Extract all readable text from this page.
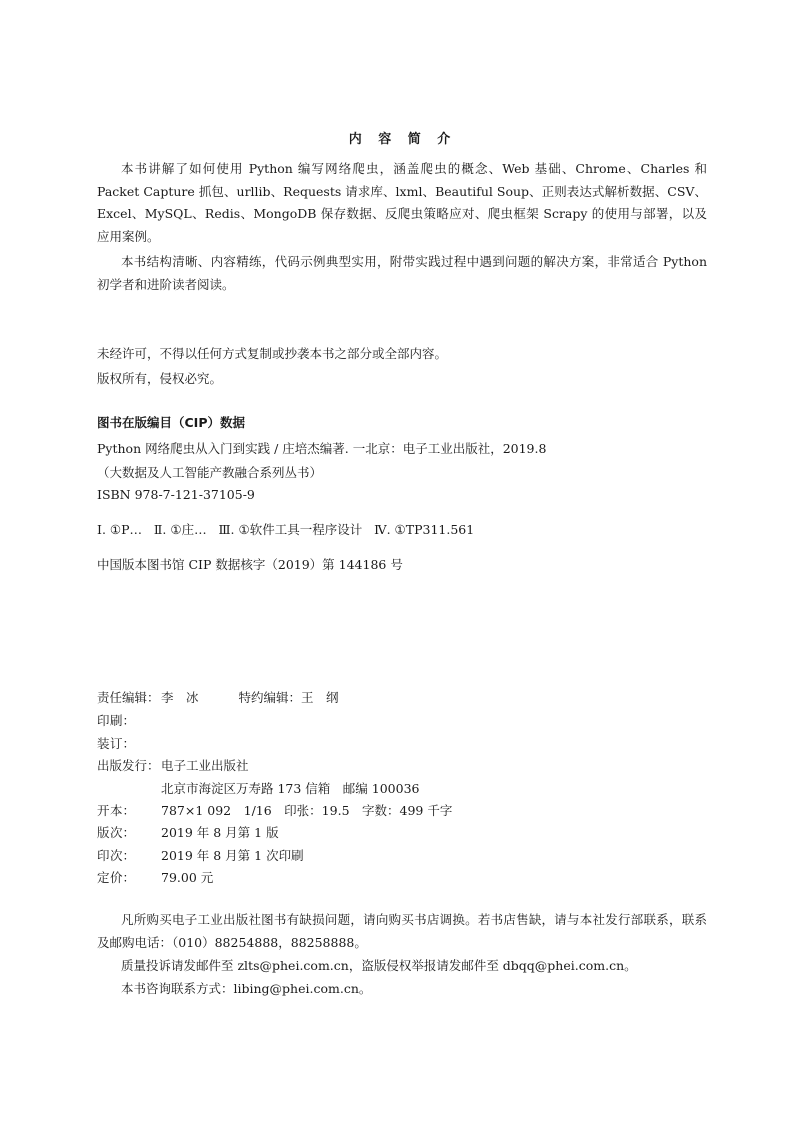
内 容 简 介

本书讲解了如何使用 Python 编写网络爬虫，涵盖爬虫的概念、Web 基础、Chrome、Charles 和 Packet Capture 抓包、urllib、Requests 请求库、lxml、Beautiful Soup、正则表达式解析数据、CSV、Excel、MySQL、Redis、MongoDB 保存数据、反爬虫策略应对、爬虫框架 Scrapy 的使用与部署，以及应用案例。

本书结构清晰、内容精练，代码示例典型实用，附带实践过程中遇到问题的解决方案，非常适合 Python 初学者和进阶读者阅读。

未经许可，不得以任何方式复制或抄袭本书之部分或全部内容。

版权所有，侵权必究。

图书在版编目（CIP）数据

Python 网络爬虫从入门到实践 / 庄培杰编著. 一北京：电子工业出版社，2019.8

（大数据及人工智能产教融合系列丛书）

ISBN 978-7-121-37105-9

Ⅰ. ①P…   Ⅱ. ①庄…   Ⅲ. ①软件工具一程序设计   Ⅳ. ①TP311.561

中国版本图书馆 CIP 数据核字（2019）第 144186 号

责任编辑： 李　冰	特约编辑： 王　纲
印 刷：
装 订：
出版发行： 电子工业出版社
北京市海淀区万寿路 173 信箱　邮编 100036
开 本： 787×1 092　1/16　印张：19.5　字数：499 千字
版 次： 2019 年 8 月第 1 版
印 次： 2019 年 8 月第 1 次印刷
定 价： 79.00 元

凡所购买电子工业出版社图书有缺损问题，请向购买书店调换。若书店售缺，请与本社发行部联系，联系及邮购电话：（010）88254888，88258888。

质量投诉请发邮件至 zlts@phei.com.cn，盗版侵权举报请发邮件至 dbqq@phei.com.cn。

本书咨询联系方式：libing@phei.com.cn。
